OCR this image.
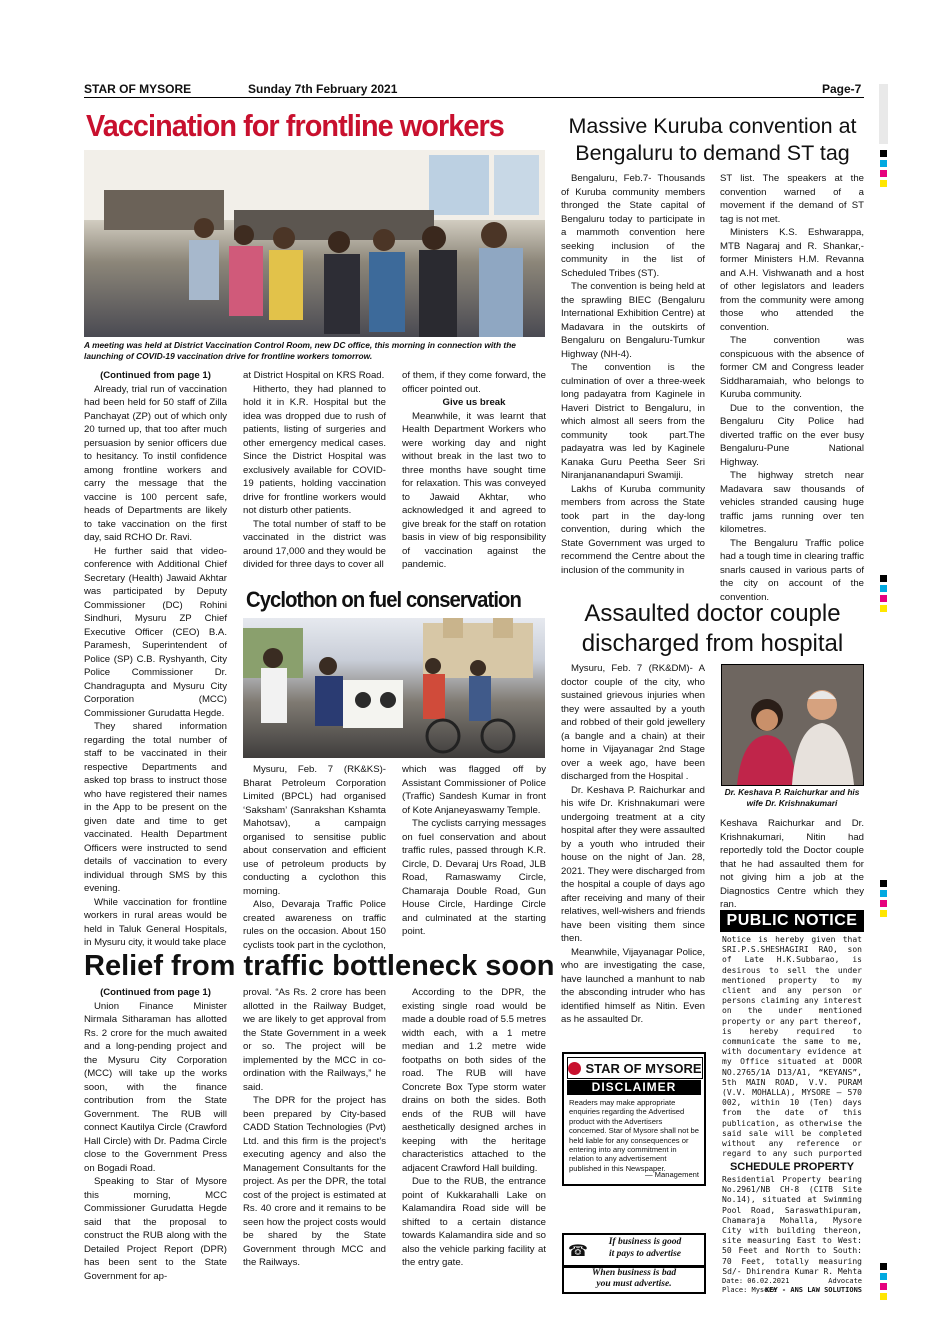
STAR OF MYSORE	Sunday 7th February 2021	Page-7
Vaccination for frontline workers
A meeting was held at District Vaccination Control Room, new DC office, this morning in connection with the launching of COVID-19 vaccination drive for frontline workers tomorrow.

(Continued from page 1)

Already, trial run of vaccination had been held for 50 staff of Zilla Panchayat (ZP) out of which only 20 turned up, that too after much persuasion by senior officers due to hesitancy. To instil confidence among frontline workers and carry the message that the vaccine is 100 percent safe, heads of Departments are likely to take vaccination on the first day, said RCHO Dr. Ravi.

He further said that video-conference with Additional Chief Secretary (Health) Jawaid Akhtar was participated by Deputy Commissioner (DC) Rohini Sindhuri, Mysuru ZP Chief Executive Officer (CEO) B.A. Paramesh, Superintendent of Police (SP) C.B. Ryshyanth, City Police Commissioner Dr. Chandragupta and Mysuru City Corporation (MCC) Commissioner Gurudatta Hegde.

They shared information regarding the total number of staff to be vaccinated in their respective Departments and asked top brass to instruct those who have registered their names in the App to be present on the given date and time to get vaccinated. Health Department Officers were instructed to send details of vaccination to every individual through SMS by this evening.

While vaccination for frontline workers in rural areas would be held in Taluk General Hospitals, in Mysuru city, it would take place

at District Hospital on KRS Road.

Hitherto, they had planned to hold it in K.R. Hospital but the idea was dropped due to rush of patients, listing of surgeries and other emergency medical cases. Since the District Hospital was exclusively available for COVID-19 patients, holding vaccination drive for frontline workers would not disturb other patients.

The total number of staff to be vaccinated in the district was around 17,000 and they would be divided for three days to cover all

of them, if they come forward, the officer pointed out.

Give us break

Meanwhile, it was learnt that Health Department Workers who were working day and night without break in the last two to three months have sought time for relaxation. This was conveyed to Jawaid Akhtar, who acknowledged it and agreed to give break for the staff on rotation basis in view of big responsibility of vaccination against the pandemic.

Cyclothon on fuel conservation

Mysuru, Feb. 7 (RK&KS)- Bharat Petroleum Corporation Limited (BPCL) had organised ‘Saksham’ (Sanrakshan Kshamta Mahotsav), a campaign organised to sensitise public about conservation and efficient use of petroleum products by conducting a cyclothon this morning.

Also, Devaraja Traffic Police created awareness on traffic rules on the occasion. About 150 cyclists took part in the cyclothon,

which was flagged off by Assistant Commissioner of Police (Traffic) Sandesh Kumar in front of Kote Anjaneyaswamy Temple.

The cyclists carrying messages on fuel conservation and about traffic rules, passed through K.R. Circle, D. Devaraj Urs Road, JLB Road, Ramaswamy Circle, Chamaraja Double Road, Gun House Circle, Hardinge Circle and culminated at the starting point.

Massive Kuruba convention at
Bengaluru to demand ST tag

Bengaluru, Feb.7- Thousands of Kuruba community members thronged the State capital of Bengaluru today to participate in a mammoth convention here seeking inclusion of the community in the list of Scheduled Tribes (ST).

The convention is being held at the sprawling BIEC (Bengaluru International Exhibition Centre) at Madavara in the outskirts of Bengaluru on Bengaluru-Tumkur Highway (NH-4).

The convention is the culmination of over a three-week long padayatra from Kaginele in Haveri District to Bengaluru, in which almost all seers from the community took part.The padayatra was led by Kaginele Kanaka Guru Peetha Seer Sri Niranjananandapuri Swamiji.

Lakhs of Kuruba community members from across the State took part in the day-long convention, during which the State Government was urged to recommend the Centre about the inclusion of the community in

ST list. The speakers at the convention warned of a movement if the demand of ST tag is not met.

Ministers K.S. Eshwarappa, MTB Nagaraj and R. Shankar,- former Ministers H.M. Revanna and A.H. Vishwanath and a host of other legislators and leaders from the community were among those who attended the convention.

The convention was conspicuous with the absence of former CM and Congress leader Siddharamaiah, who belongs to Kuruba community.

Due to the convention, the Bengaluru City Police had diverted traffic on the ever busy Bengaluru-Pune National Highway.

The highway stretch near Madavara saw thousands of vehicles stranded causing huge traffic jams running over ten kilometres.

The Bengaluru Traffic police had a tough time in clearing traffic snarls caused in various parts of the city on account of the convention.

Assaulted doctor couple
discharged from hospital

Mysuru, Feb. 7 (RK&DM)- A doctor couple of the city, who sustained grievous injuries when they were assaulted by a youth and robbed of their gold jewellery (a bangle and a chain) at their home in Vijayanagar 2nd Stage over a week ago, have been discharged from the Hospital .

Dr. Keshava P. Raichurkar and his wife Dr. Krishnakumari were undergoing treatment at a city hospital after they were assaulted by a youth who intruded their house on the night of Jan. 28, 2021. They were discharged from the hospital a couple of days ago after receiving and many of their relatives, well-wishers and friends have been visiting them since then.

Meanwhile, Vijayanagar Police, who are investigating the case, have launched a manhunt to nab the absconding intruder who has identified himself as Nitin. Even as he assaulted Dr.

Dr. Keshava P. Raichurkar and his wife Dr. Krishnakumari

Keshava Raichurkar and Dr. Krishnakumari, Nitin had reportedly told the Doctor couple that he had assaulted them for not giving him a job at the Diagnostics Centre which they ran.

Relief from traffic bottleneck soon

(Continued from page 1)

Union Finance Minister Nirmala Sitharaman has allotted Rs. 2 crore for the much awaited and a long-pending project and the Mysuru City Corporation (MCC) will take up the works soon, with the finance contribution from the State Government. The RUB will connect Kautilya Circle (Crawford Hall Circle) with Dr. Padma Circle close to the Government Press on Bogadi Road.

Speaking to Star of Mysore this morning, MCC Commissioner Gurudatta Hegde said that the proposal to construct the RUB along with the Detailed Project Report (DPR) has been sent to the State Government for ap-

proval. “As Rs. 2 crore has been allotted in the Railway Budget, we are likely to get approval from the State Government in a week or so. The project will be implemented by the MCC in co-ordination with the Railways,” he said.

The DPR for the project has been prepared by City-based CADD Station Technologies (Pvt) Ltd. and this firm is the project’s executing agency and also the Management Consultants for the project. As per the DPR, the total cost of the project is estimated at Rs. 40 crore and it remains to be seen how the project costs would be shared by the State Government through MCC and the Railways.

According to the DPR, the existing single road would be made a double road of 5.5 metres width each, with a 1 metre median and 1.2 metre wide footpaths on both sides of the road. The RUB will have Concrete Box Type storm water drains on both the sides. Both ends of the RUB will have aesthetically designed arches in keeping with the heritage characteristics attached to the adjacent Crawford Hall building.

Due to the RUB, the entrance point of Kukkarahalli Lake on Kalamandira Road side will be shifted to a certain distance towards Kalamandira side and so also the vehicle parking facility at the entry gate.

STAR OF MYSORE
DISCLAIMER
Readers may make appropriate enquiries regarding the Advertised product with the Advertisers concerned. Star of Mysore shall not be held liable for any consequences or entering into any commitment in relation to any advertisement published in this Newspaper.
— Management
☎
If business is good
it pays to advertise
When business is bad
you must advertise.
PUBLIC NOTICE
Notice is hereby given that SRI.P.S.SHESHAGIRI RAO, son of Late H.K.Subbarao, is desirous to sell the under mentioned property to my client and any person or persons claiming any interest on the under mentioned property or any part thereof, is hereby required to communicate the same to me, with documentary evidence at my Office situated at DOOR NO.2765/1A D13/A1, “KEYANS”, 5th MAIN ROAD, V.V. PURAM (V.V. MOHALLA), MYSORE – 570 002, within 10 (Ten) days from the date of this publication, as otherwise the said sale will be completed without any reference or regard to any such purported
SCHEDULE PROPERTY
Residential Property bearing No.2961/NB CH-8 (CITB Site No.14), situated at Swimming Pool Road, Saraswathipuram, Chamaraja Mohalla, Mysore City with building thereon, site measuring East to West: 50 Feet and North to South: 70 Feet, totally measuring
Sd/- Dhirendra Kumar R. Mehta
Date: 06.02.2021
Place: Mysore
Advocate
KEY - ANS LAW SOLUTIONS
